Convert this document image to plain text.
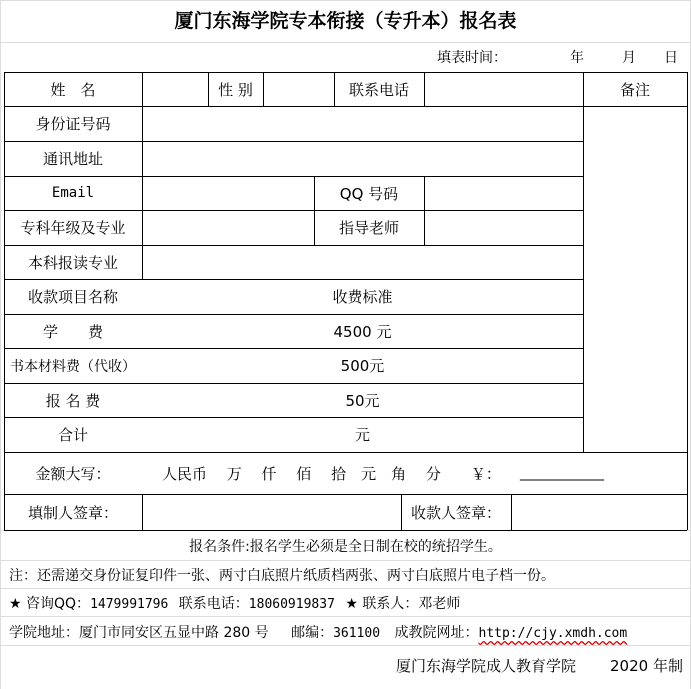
厦门东海学院专本衔接（专升本）报名表
填表时间：	年	月 日
姓　名	性 别	联系电话	备注
身份证号码
通讯地址
Email	QQ 号码
专科年级及专业	指导老师
本科报读专业
收款项目名称	收费标准
学　　费	4500 元
书本材料费（代收）	500元
报 名 费	50元
合计	元
金额大写：	人民币　 万　 仟　 佰　 拾　元　角　 分　　￥： ____________
填制人签章：	收款人签章：
报名条件:报名学生必须是全日制在校的统招学生。
注：还需递交身份证复印件一张、两寸白底照片纸质档两张、两寸白底照片电子档一份。
★ 咨询QQ：1479991796 联系电话：18060919837 ★ 联系人：邓老师
学院地址：厦门市同安区五显中路 280 号 邮编：361100 成教院网址：http://cjy.xmdh.com
厦门东海学院成人教育学院 2020 年制
